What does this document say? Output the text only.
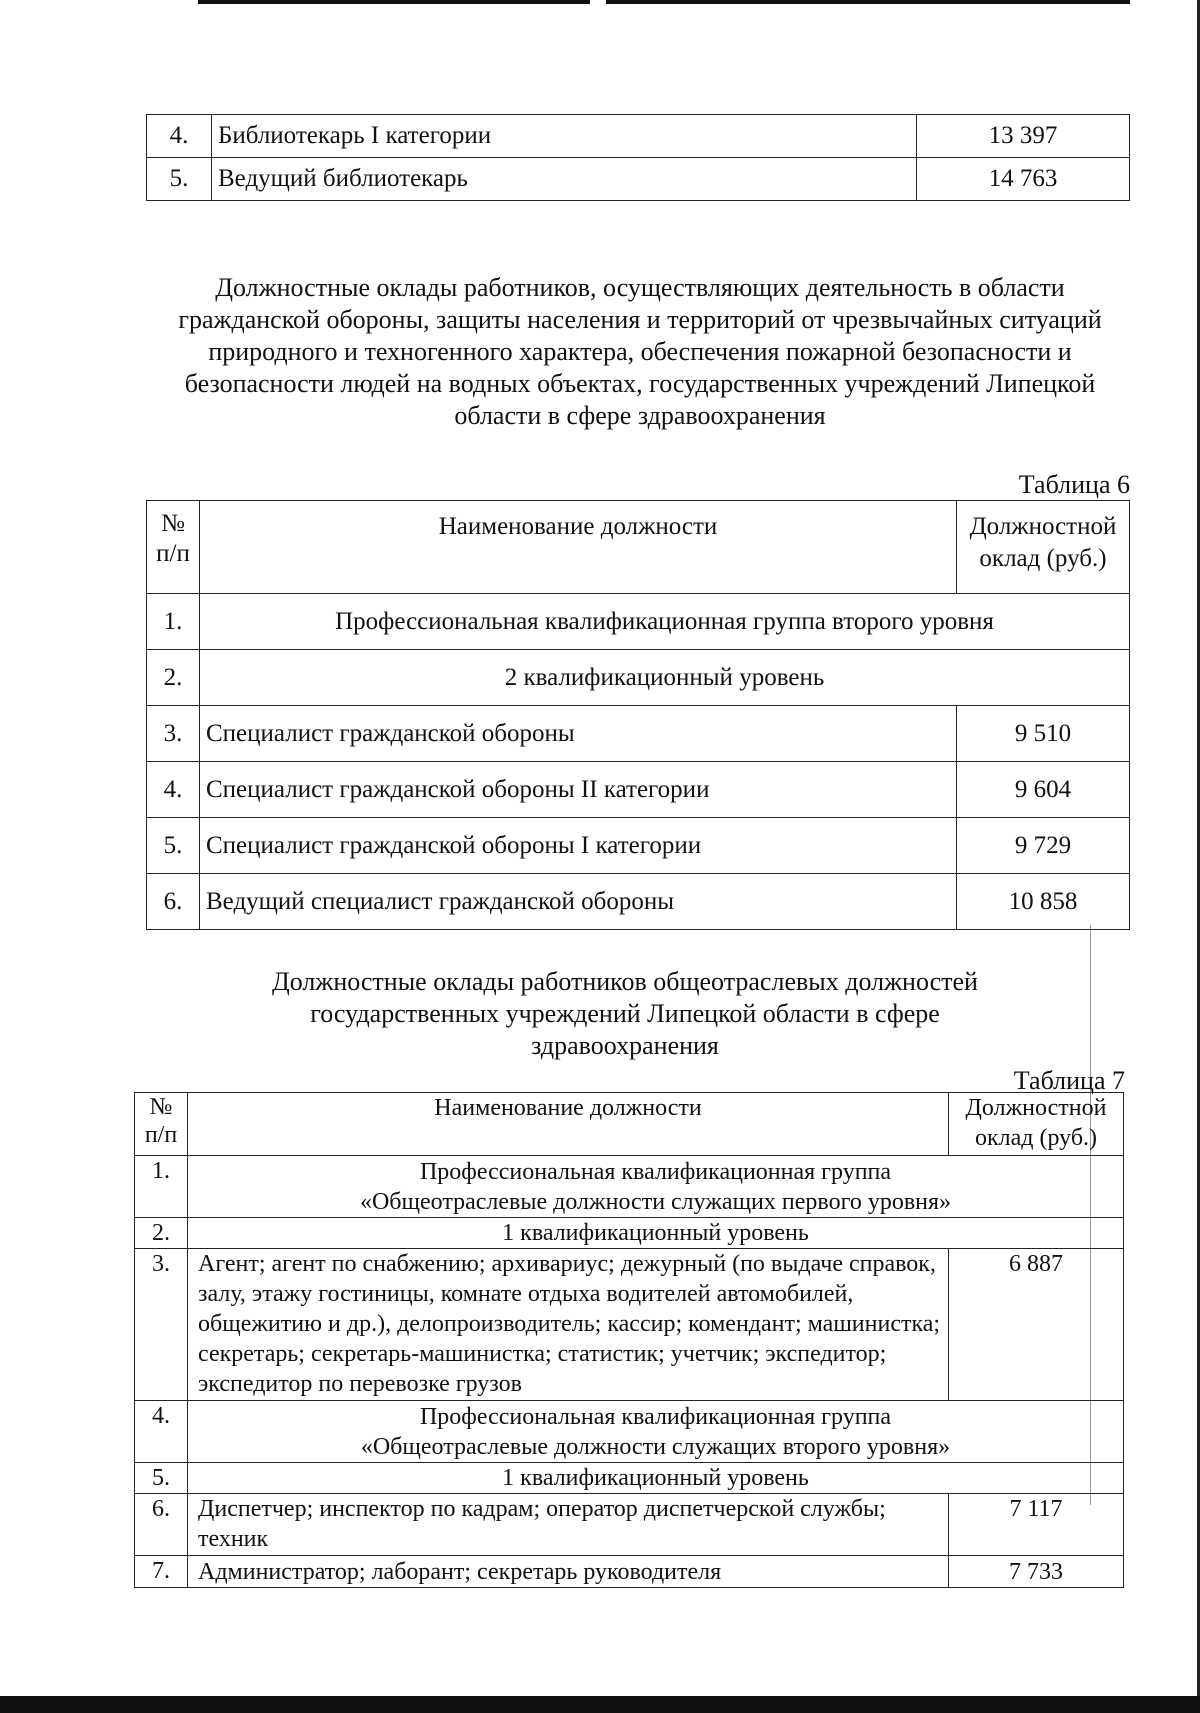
4.	Библиотекарь I категории	13 397
5.	Ведущий библиотекарь	14 763
Должностные оклады работников, осуществляющих деятельность в области гражданской обороны, защиты населения и территорий от чрезвычайных ситуаций природного и техногенного характера, обеспечения пожарной безопасности и безопасности людей на водных объектах, государственных учреждений Липецкой области в сфере здравоохранения
Таблица 6
№ п/п	Наименование должности	Должностной оклад (руб.)
1.	Профессиональная квалификационная группа второго уровня	
2.	2 квалификационный уровень	
3.	Специалист гражданской обороны	9 510
4.	Специалист гражданской обороны II категории	9 604
5.	Специалист гражданской обороны I категории	9 729
6.	Ведущий специалист гражданской обороны	10 858
Должностные оклады работников общеотраслевых должностей государственных учреждений Липецкой области в сфере здравоохранения
Таблица 7
№ п/п	Наименование должности	Должностной оклад (руб.)
1.	Профессиональная квалификационная группа «Общеотраслевые должности служащих первого уровня»	
2.	1 квалификационный уровень	
3.	Агент; агент по снабжению; архивариус; дежурный (по выдаче справок, залу, этажу гостиницы, комнате отдыха водителей автомобилей, общежитию и др.), делопроизводитель; кассир; комендант; машинистка; секретарь; секретарь-машинистка; статистик; учетчик; экспедитор; экспедитор по перевозке грузов	6 887
4.	Профессиональная квалификационная группа «Общеотраслевые должности служащих второго уровня»	
5.	1 квалификационный уровень	
6.	Диспетчер; инспектор по кадрам; оператор диспетчерской службы; техник	7 117
7.	Администратор; лаборант; секретарь руководителя	7 733
